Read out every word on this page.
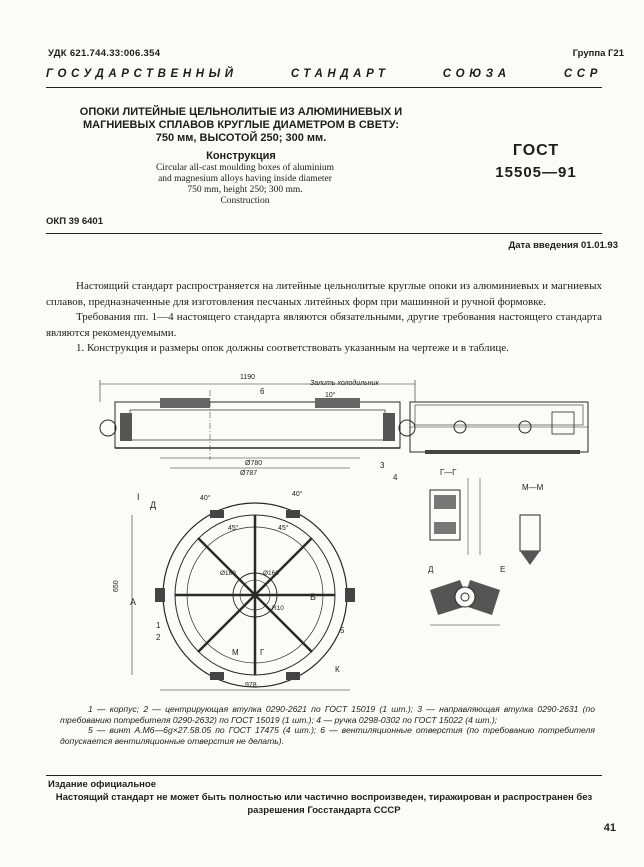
УДК 621.744.33:006.354	Группа Г21
ГОСУДАРСТВЕННЫЙ	СТАНДАРТ	СОЮЗА	ССР
ОПОКИ ЛИТЕЙНЫЕ ЦЕЛЬНОЛИТЫЕ ИЗ АЛЮМИНИЕВЫХ И
МАГНИЕВЫХ СПЛАВОВ КРУГЛЫЕ ДИАМЕТРОМ В СВЕТУ:
750 мм, ВЫСОТОЙ 250; 300 мм.
Конструкция
Circular all-cast moulding boxes of aluminium
and magnesium alloys having inside diameter
750 mm, height 250; 300 mm.
Construction
ГОСТ
15505—91
ОКП 39 6401
Дата введения 01.01.93

Настоящий стандарт распространяется на литейные цельнолитые круглые опоки из алюминиевых и магниевых сплавов, предназначенные для изготовления песчаных литейных форм при машинной и ручной формовке.

Требования пп. 1—4 настоящего стандарта являются обязательными, другие требования настоящего стандарта являются рекомендуемыми.

1. Конструкция и размеры опок должны соответствовать указанным на чертеже и в таблице.

1190
Ø780
Ø787
Залить холодильник
10°
6
3
4
I	40°
40°
45°	45°
Ø180	Ø160
R10
А	Б
Д
М	Г
К
1
2
5
978
650
Г—Г
М—М
Д	Е

1 — корпус; 2 — центрирующая втулка 0290-2621 по ГОСТ 15019 (1 шт.); 3 — направляющая втулка 0290-2631 (по требованию потребителя 0290-2632) по ГОСТ 15019 (1 шт.); 4 — ручка 0298-0302 по ГОСТ 15022 (4 шт.);

5 — винт А.М6—6g×27.58.05 по ГОСТ 17475 (4 шт.); 6 — вентиляционные отверстия (по требованию потребителя допускается вентиляционные отверстия не делать).

Издание официальное
Настоящий стандарт не может быть полностью или частично воспроизведен, тиражирован и распространен без
разрешения Госстандарта СССР
41
